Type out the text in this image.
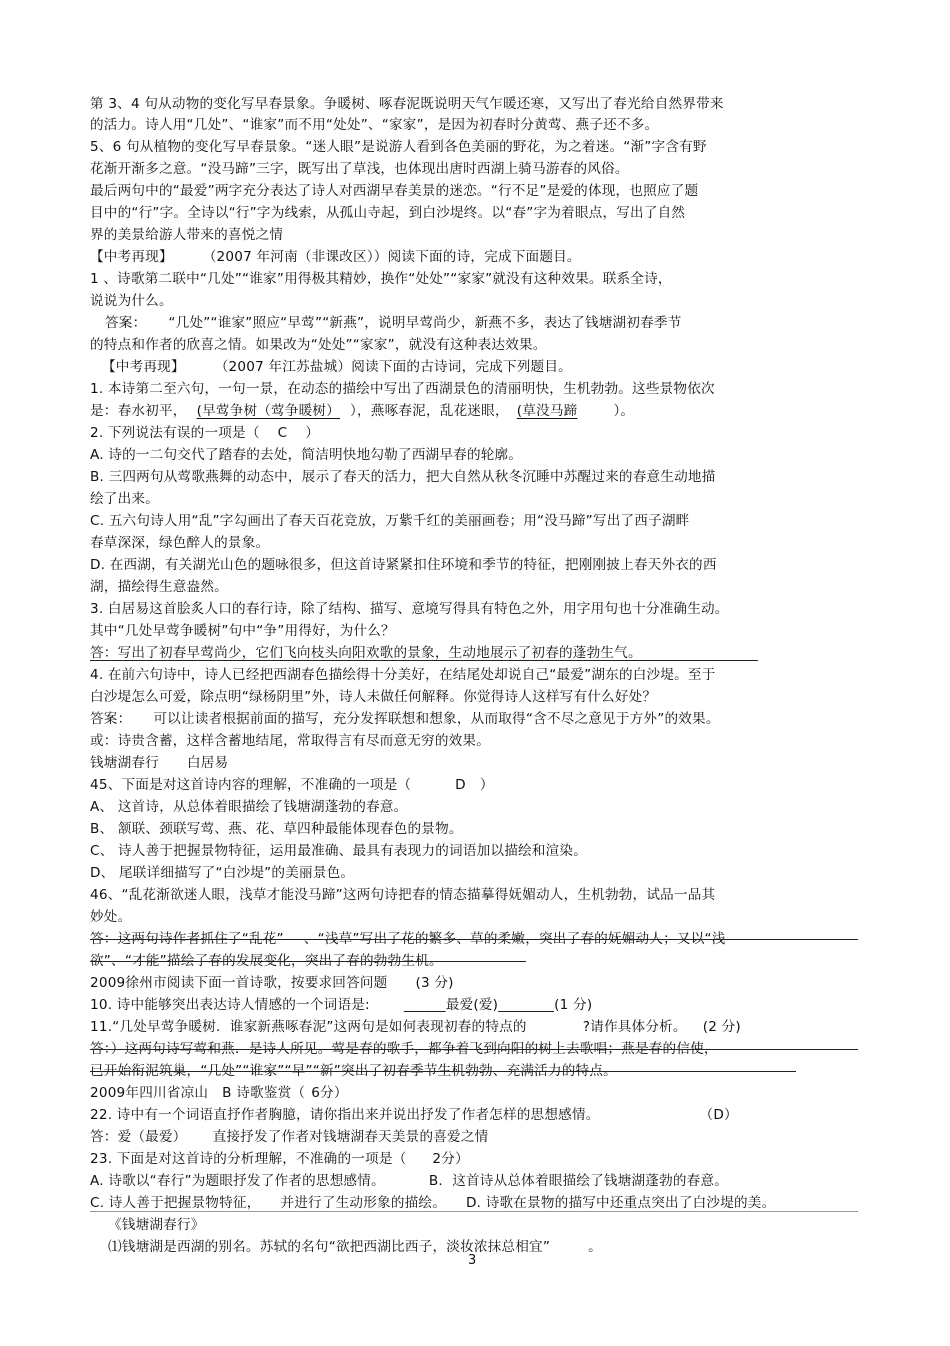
第 3、4 句从动物的变化写早春景象。争暖树、啄春泥既说明天气乍暖还寒，又写出了春光给自然界带来
的活力。诗人用“几处”、“谁家”而不用“处处”、“家家”，是因为初春时分黄莺、燕子还不多。
5、6 句从植物的变化写早春景象。“迷人眼”是说游人看到各色美丽的野花，为之着迷。“渐”字含有野
花渐开渐多之意。“没马蹄”三字，既写出了草浅，也体现出唐时西湖上骑马游春的风俗。
最后两句中的“最爱”两字充分表达了诗人对西湖早春美景的迷恋。“行不足”是爱的体现，也照应了题
目中的“行”字。全诗以“行”字为线索，从孤山寺起，到白沙堤终。以“春”字为着眼点，写出了自然
界的美景给游人带来的喜悦之情
【中考再现】 （2007 年河南（非课改区））阅读下面的诗，完成下面题目。
1 、诗歌第二联中“几处”“谁家”用得极其精妙，换作“处处”“家家”就没有这种效果。联系全诗，
说说为什么。
答案： “几处”“谁家”照应“早莺”“新燕”，说明早莺尚少，新燕不多，表达了钱塘湖初春季节
的特点和作者的欣喜之情。如果改为“处处”“家家”，就没有这种表达效果。
【中考再现】 （2007 年江苏盐城）阅读下面的古诗词，完成下列题目。
1. 本诗第二至六句，一句一景，在动态的描绘中写出了西湖景色的清丽明快，生机勃勃。这些景物依次
是：春水初平， (早莺争树（莺争暖树） ），燕啄春泥，乱花迷眼， (草没马蹄	）。
2. 下列说法有误的一项是（ C ）
A. 诗的一二句交代了踏春的去处，简洁明快地勾勒了西湖早春的轮廓。
B. 三四两句从莺歌燕舞的动态中，展示了春天的活力，把大自然从秋冬沉睡中苏醒过来的春意生动地描
绘了出来。
C. 五六句诗人用“乱”字勾画出了春天百花竞放，万紫千红的美丽画卷；用“没马蹄”写出了西子湖畔
春草深深，绿色醉人的景象。
D. 在西湖，有关湖光山色的题咏很多，但这首诗紧紧扣住环境和季节的特征，把刚刚披上春天外衣的西
湖，描绘得生意盎然。
3. 白居易这首脍炙人口的春行诗，除了结构、描写、意境写得具有特色之外，用字用句也十分准确生动。
其中“几处早莺争暖树”句中“争”用得好，为什么？
答：写出了初春早莺尚少，它们飞向枝头向阳欢歌的景象，生动地展示了初春的蓬勃生气。
4. 在前六句诗中，诗人已经把西湖春色描绘得十分美好，在结尾处却说自己“最爱”湖东的白沙堤。至于
白沙堤怎么可爱，除点明“绿杨阴里”外，诗人未做任何解释。你觉得诗人这样写有什么好处？
答案： 可以让读者根据前面的描写，充分发挥联想和想象，从而取得“含不尽之意见于方外”的效果。
或：诗贵含蓄，这样含蓄地结尾，常取得言有尽而意无穷的效果。
钱塘湖春行 白居易
45、下面是对这首诗内容的理解，不准确的一项是（	D ）
A、 这首诗，从总体着眼描绘了钱塘湖蓬勃的春意。
B、 颔联、颈联写莺、燕、花、草四种最能体现春色的景物。
C、 诗人善于把握景物特征，运用最准确、最具有表现力的词语加以描绘和渲染。
D、 尾联详细描写了“白沙堤”的美丽景色。
46、“乱花渐欲迷人眼，浅草才能没马蹄”这两句诗把春的情态描摹得妩媚动人，生机勃勃，试品一品其
妙处。
答：这两句诗作者抓住了“乱花” 、“浅草”写出了花的繁多、草的柔嫩，突出了春的妩媚动人；又以“浅
欲”、“才能”描绘了春的发展变化，突出了春的勃勃生机。
2009徐州市阅读下面一首诗歌，按要求回答问题 (3 分)
10. 诗中能够突出表达诗人情感的一个词语是:	______最爱(爱)________(1 分)
11.“几处早莺争暖树．谁家新燕啄春泥”这两句是如何表现初春的特点的	?请作具体分析。 (2 分)
答：）这两句诗写莺和燕．是诗人所见。莺是春的歌手，都争着飞到向阳的树上去歌唱；燕是春的信使，
已开始衔泥筑巢，“几处”“谁家”“早”“新”突出了初春季节生机勃勃、充满活力的特点。
2009年四川省凉山 B 诗歌鉴赏（ 6分）
22. 诗中有一个词语直抒作者胸臆，请你指出来并说出抒发了作者怎样的思想感情。	（D）
答：爱（最爱） 直接抒发了作者对钱塘湖春天美景的喜爱之情
23. 下面是对这首诗的分析理解，不准确的一项是（ 2分）
A. 诗歌以“春行”为题眼抒发了作者的思想感情。	B．这首诗从总体着眼描绘了钱塘湖蓬勃的春意。
C. 诗人善于把握景物特征， 并进行了生动形象的描绘。 D. 诗歌在景物的描写中还重点突出了白沙堤的美。
《钱塘湖春行》
⑴钱塘湖是西湖的别名。苏轼的名句“欲把西湖比西子，淡妆浓抹总相宜”	。
3
